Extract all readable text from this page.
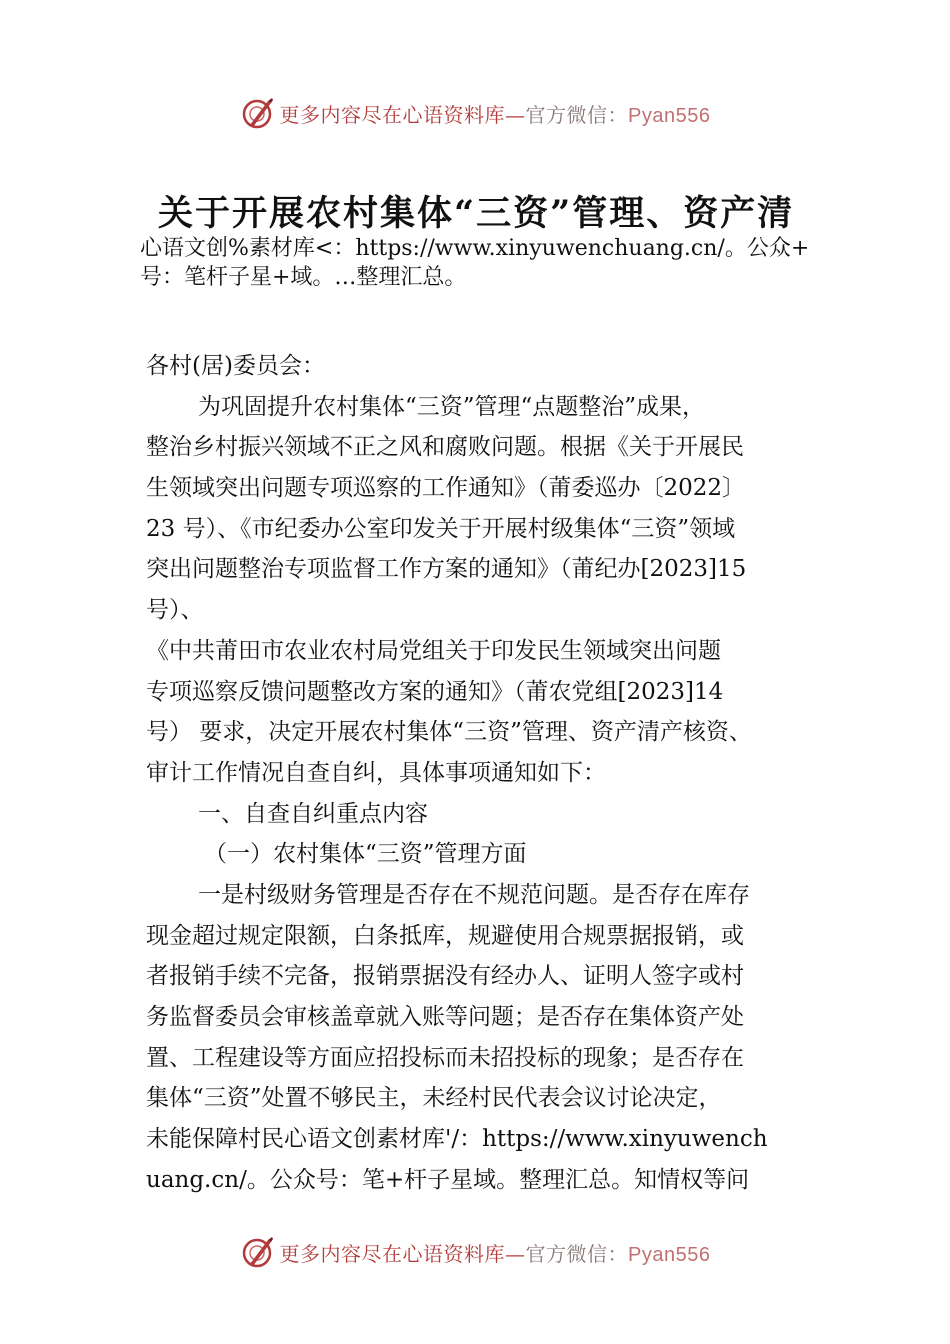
更多内容尽在心语资料库—官方微信：Pyan556
关于开展农村集体“三资”管理、资产清
心语文创%素材库<：https://www.xinyuwenchuang.cn/。公众+
号：笔杆子星+域。…整理汇总。
各村(居)委员会：
为巩固提升农村集体“三资”管理“点题整治”成果，
整治乡村振兴领域不正之风和腐败问题。根据《关于开展民
生领域突出问题专项巡察的工作通知》（莆委巡办〔2022〕
23 号）、《市纪委办公室印发关于开展村级集体“三资”领域
突出问题整治专项监督工作方案的通知》（莆纪办[2023]15
号）、
《中共莆田市农业农村局党组关于印发民生领域突出问题
专项巡察反馈问题整改方案的通知》（莆农党组[2023]14
号） 要求，决定开展农村集体“三资”管理、资产清产核资、
审计工作情况自查自纠，具体事项通知如下：
一、自查自纠重点内容
（一）农村集体“三资”管理方面
一是村级财务管理是否存在不规范问题。是否存在库存
现金超过规定限额，白条抵库，规避使用合规票据报销，或
者报销手续不完备，报销票据没有经办人、证明人签字或村
务监督委员会审核盖章就入账等问题；是否存在集体资产处
置、工程建设等方面应招投标而未招投标的现象；是否存在
集体“三资”处置不够民主，未经村民代表会议讨论决定，
未能保障村民心语文创素材库'/：https://www.xinyuwench
uang.cn/。公众号：笔+杆子星域。整理汇总。知情权等问
更多内容尽在心语资料库—官方微信：Pyan556
